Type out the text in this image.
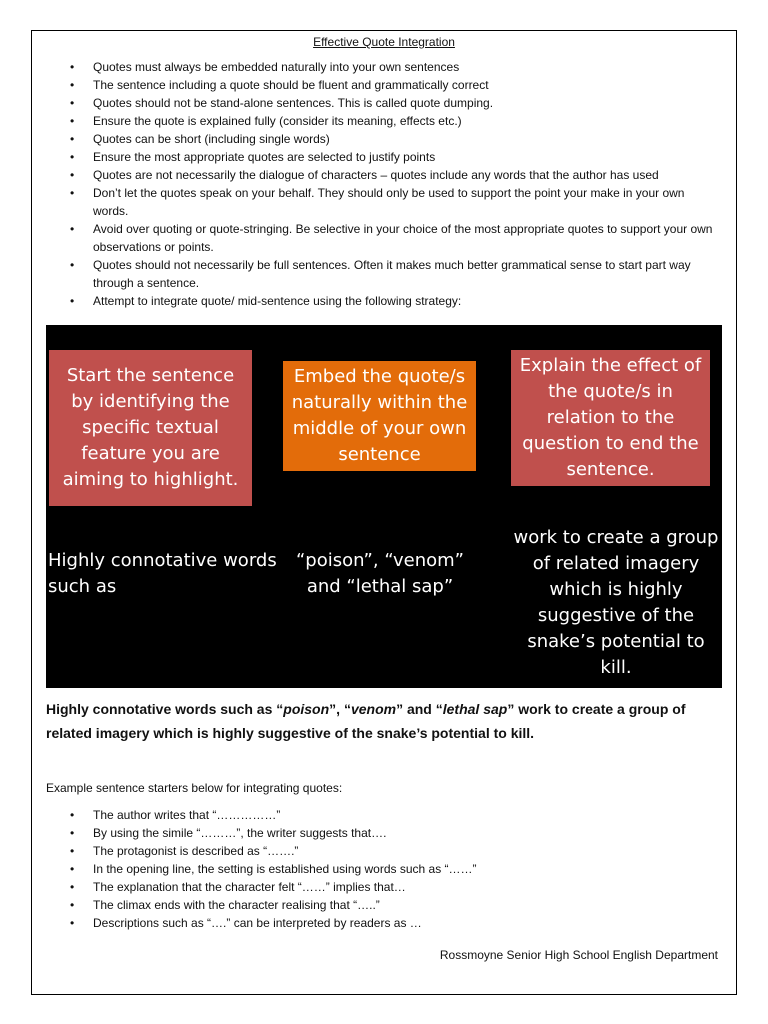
Effective Quote Integration
• Quotes must always be embedded naturally into your own sentences
• The sentence including a quote should be fluent and grammatically correct
• Quotes should not be stand-alone sentences. This is called quote dumping.
• Ensure the quote is explained fully (consider its meaning, effects etc.)
• Quotes can be short (including single words)
• Ensure the most appropriate quotes are selected to justify points
• Quotes are not necessarily the dialogue of characters – quotes include any words that the author has used
• Don’t let the quotes speak on your behalf. They should only be used to support the point your make in your own words.
• Avoid over quoting or quote-stringing. Be selective in your choice of the most appropriate quotes to support your own observations or points.
• Quotes should not necessarily be full sentences. Often it makes much better grammatical sense to start part way through a sentence.
• Attempt to integrate quote/ mid-sentence using the following strategy:
Start the sentence by identifying the specific textual feature you are aiming to highlight.
Embed the quote/s naturally within the middle of your own sentence
Explain the effect of the quote/s in relation to the question to end the sentence.
Highly connotative words such as
“poison”, “venom” and “lethal sap”
work to create a group of related imagery which is highly suggestive of the snake’s potential to kill.
Highly connotative words such as “poison”, “venom” and “lethal sap” work to create a group of related imagery which is highly suggestive of the snake’s potential to kill.
Example sentence starters below for integrating quotes:
• The author writes that “……………”
• By using the simile “………”, the writer suggests that….
• The protagonist is described as “…….”
• In the opening line, the setting is established using words such as “……”
• The explanation that the character felt “……” implies that…
• The climax ends with the character realising that “…..”
• Descriptions such as “….” can be interpreted by readers as …
Rossmoyne Senior High School English Department
